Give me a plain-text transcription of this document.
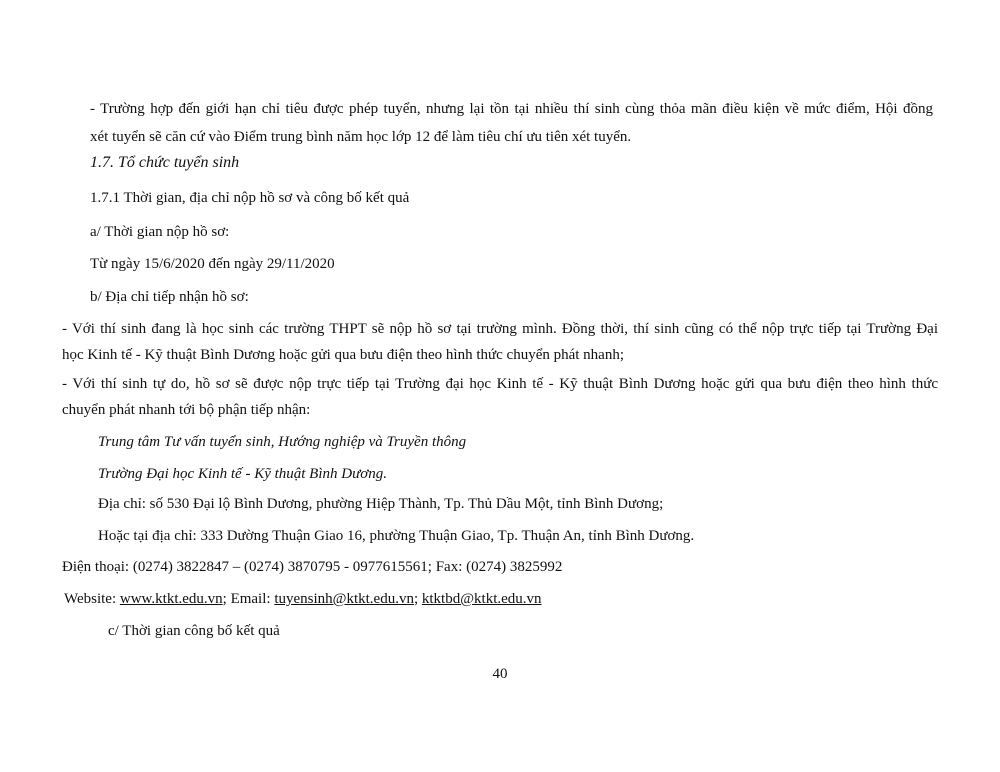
- Trường hợp đến giới hạn chỉ tiêu được phép tuyển, nhưng lại tồn tại nhiều thí sinh cùng thỏa mãn điều kiện về mức điểm, Hội đồng
xét tuyển sẽ căn cứ vào Điểm trung bình năm học lớp 12 để làm tiêu chí ưu tiên xét tuyển.
1.7. Tổ chức tuyển sinh
1.7.1 Thời gian, địa chỉ nộp hồ sơ và công bố kết quả
a/ Thời gian nộp hồ sơ:
Từ ngày 15/6/2020 đến ngày 29/11/2020
b/ Địa chỉ tiếp nhận hồ sơ:
- Với thí sinh đang là học sinh các trường THPT sẽ nộp hồ sơ tại trường mình. Đồng thời, thí sinh cũng có thể nộp trực tiếp tại Trường Đại
học Kinh tế - Kỹ thuật Bình Dương hoặc gửi qua bưu điện theo hình thức chuyển phát nhanh;
- Với thí sinh tự do, hồ sơ sẽ được nộp trực tiếp tại Trường đại học Kinh tế - Kỹ thuật Bình Dương hoặc gửi qua bưu điện theo hình thức
chuyển phát nhanh tới bộ phận tiếp nhận:
Trung tâm Tư vấn tuyển sinh, Hướng nghiệp và Truyền thông
Trường Đại học Kinh tế - Kỹ thuật Bình Dương.
Địa chỉ: số 530 Đại lộ Bình Dương, phường Hiệp Thành, Tp. Thủ Dầu Một, tỉnh Bình Dương;
Hoặc tại địa chỉ: 333 Dường Thuận Giao 16, phường Thuận Giao, Tp. Thuận An, tỉnh Bình Dương.
Điện thoại: (0274) 3822847 – (0274) 3870795 - 0977615561; Fax: (0274) 3825992
Website: www.ktkt.edu.vn; Email: tuyensinh@ktkt.edu.vn; ktktbd@ktkt.edu.vn
c/ Thời gian công bố kết quả
40
